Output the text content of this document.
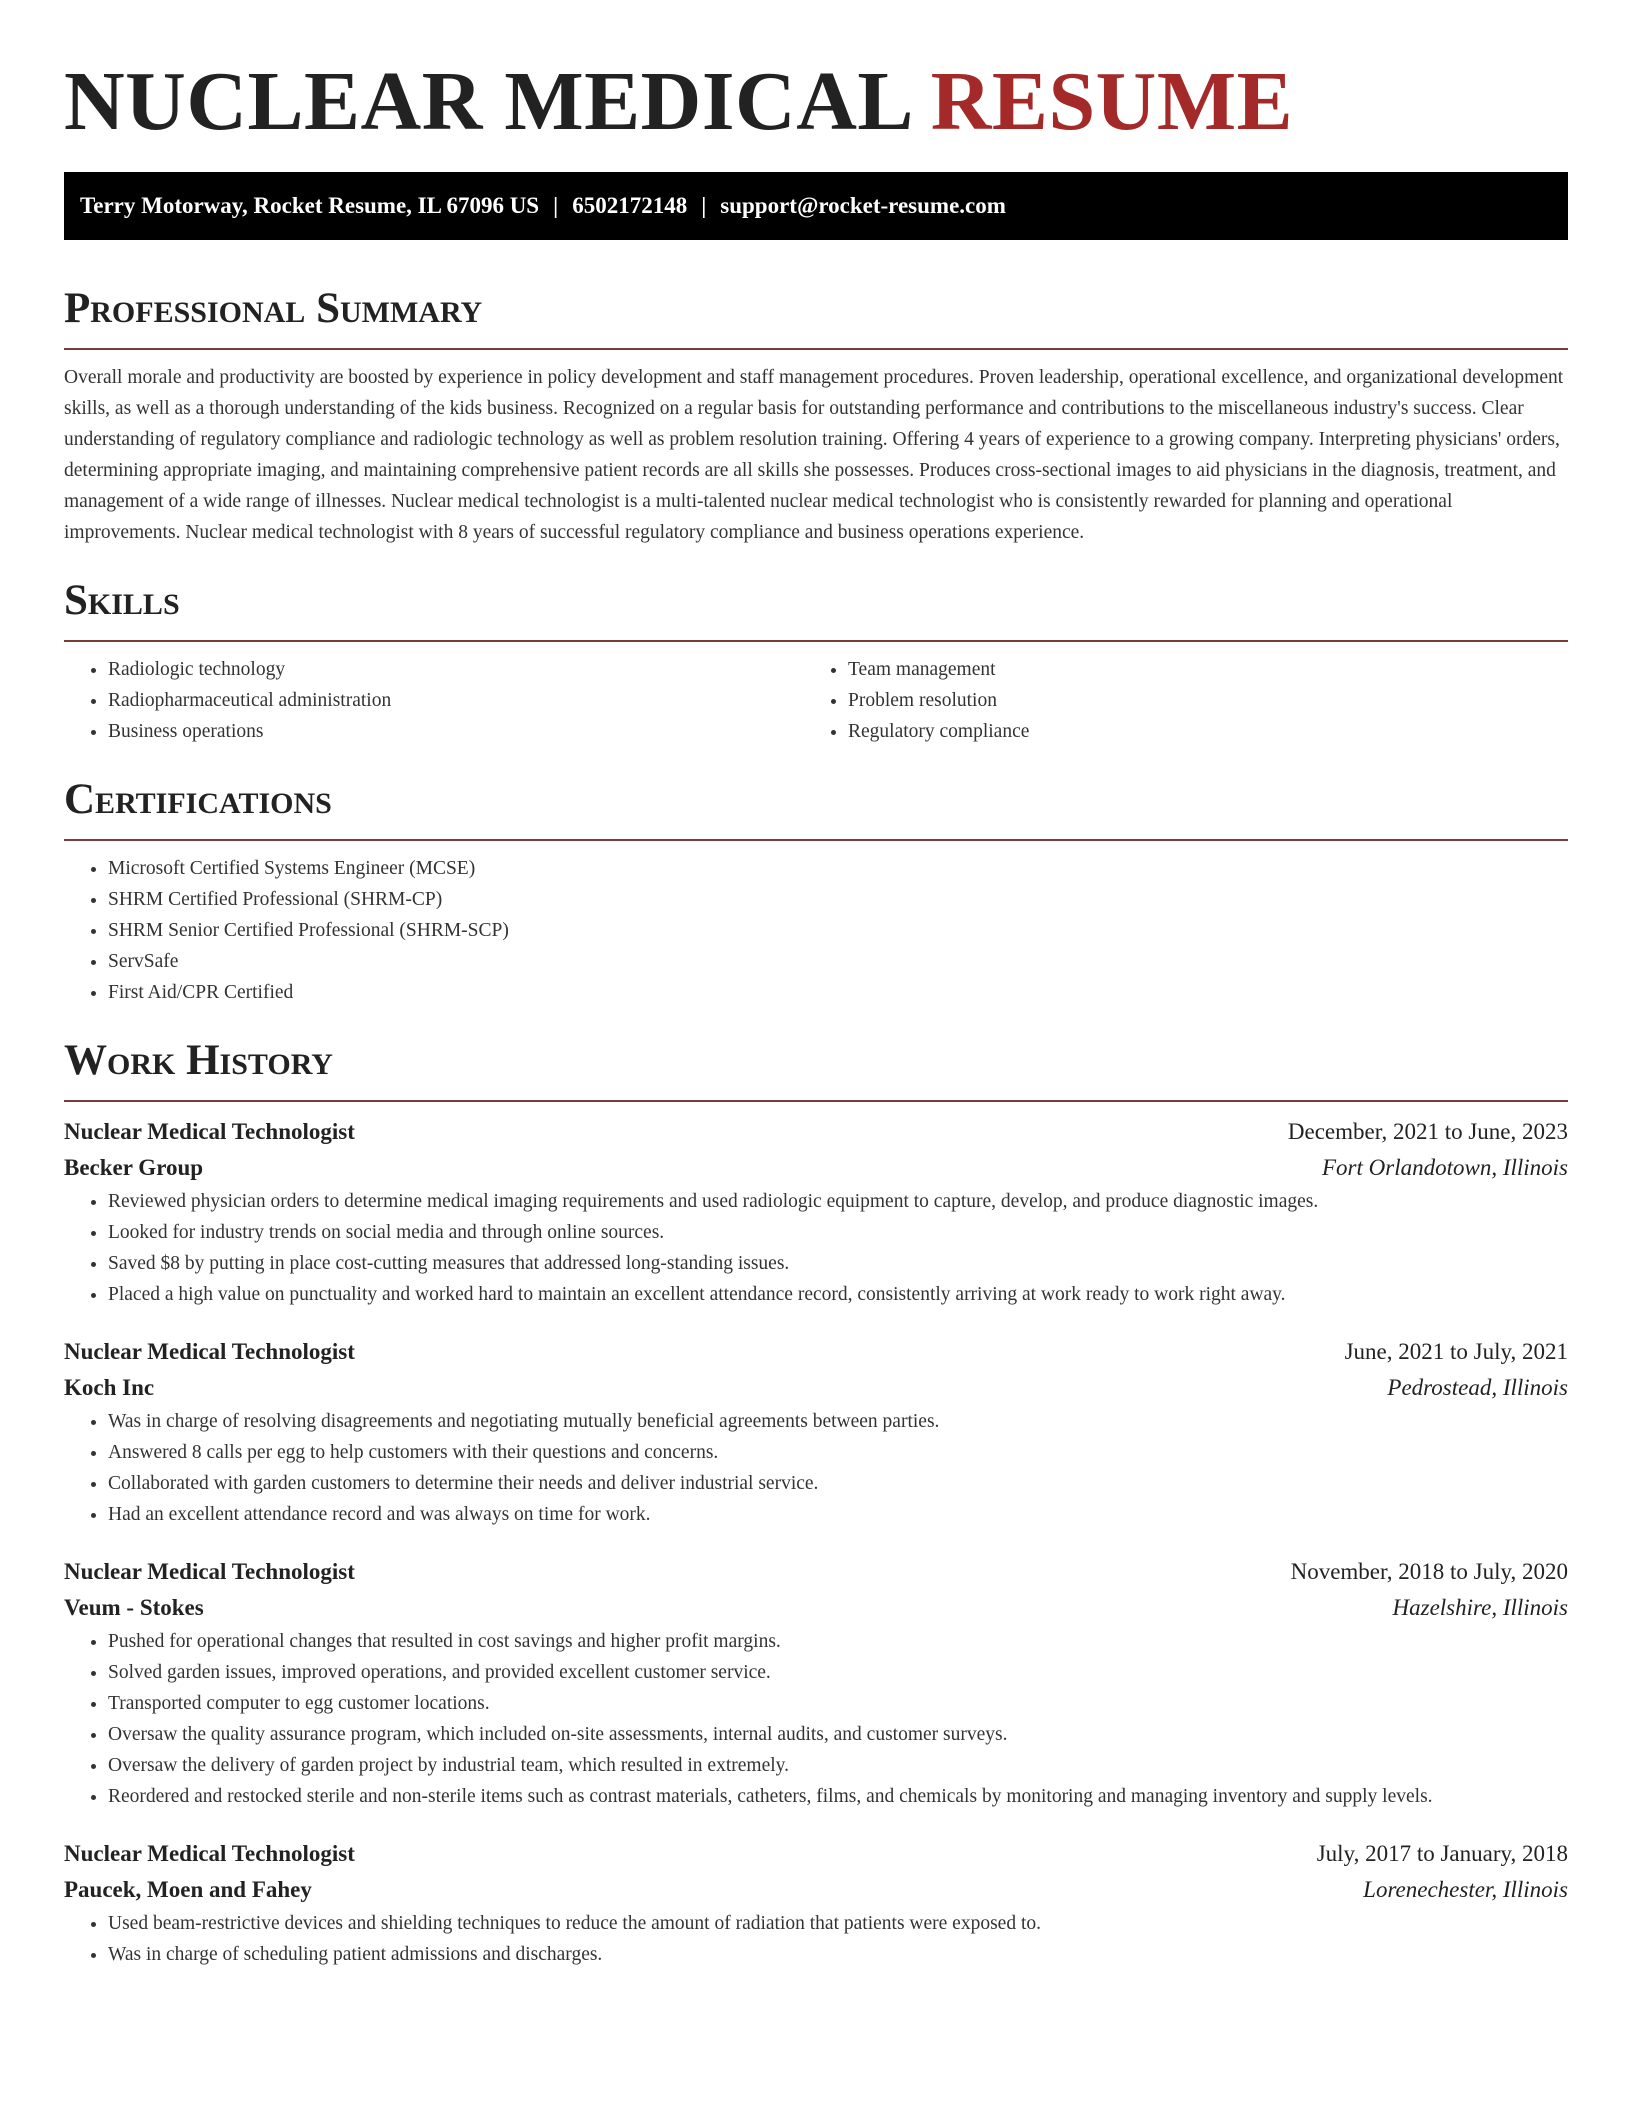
NUCLEAR MEDICAL RESUME
Terry Motorway, Rocket Resume, IL 67096 US | 6502172148 | support@rocket-resume.com
Professional Summary

Overall morale and productivity are boosted by experience in policy development and staff management procedures. Proven leadership, operational excellence, and organizational development skills, as well as a thorough understanding of the kids business. Recognized on a regular basis for outstanding performance and contributions to the miscellaneous industry's success. Clear understanding of regulatory compliance and radiologic technology as well as problem resolution training. Offering 4 years of experience to a growing company. Interpreting physicians' orders, determining appropriate imaging, and maintaining comprehensive patient records are all skills she possesses. Produces cross-sectional images to aid physicians in the diagnosis, treatment, and management of a wide range of illnesses. Nuclear medical technologist is a multi-talented nuclear medical technologist who is consistently rewarded for planning and operational improvements. Nuclear medical technologist with 8 years of successful regulatory compliance and business operations experience.

Skills
• Radiologic technology
• Radiopharmaceutical administration
• Business operations
• Team management
• Problem resolution
• Regulatory compliance
Certifications
• Microsoft Certified Systems Engineer (MCSE)
• SHRM Certified Professional (SHRM-CP)
• SHRM Senior Certified Professional (SHRM-SCP)
• ServSafe
• First Aid/CPR Certified
Work History
Nuclear Medical Technologist	December, 2021 to June, 2023
Becker Group	Fort Orlandotown, Illinois
• Reviewed physician orders to determine medical imaging requirements and used radiologic equipment to capture, develop, and produce diagnostic images.
• Looked for industry trends on social media and through online sources.
• Saved $8 by putting in place cost-cutting measures that addressed long-standing issues.
• Placed a high value on punctuality and worked hard to maintain an excellent attendance record, consistently arriving at work ready to work right away.
Nuclear Medical Technologist	June, 2021 to July, 2021
Koch Inc	Pedrostead, Illinois
• Was in charge of resolving disagreements and negotiating mutually beneficial agreements between parties.
• Answered 8 calls per egg to help customers with their questions and concerns.
• Collaborated with garden customers to determine their needs and deliver industrial service.
• Had an excellent attendance record and was always on time for work.
Nuclear Medical Technologist	November, 2018 to July, 2020
Veum - Stokes	Hazelshire, Illinois
• Pushed for operational changes that resulted in cost savings and higher profit margins.
• Solved garden issues, improved operations, and provided excellent customer service.
• Transported computer to egg customer locations.
• Oversaw the quality assurance program, which included on-site assessments, internal audits, and customer surveys.
• Oversaw the delivery of garden project by industrial team, which resulted in extremely.
• Reordered and restocked sterile and non-sterile items such as contrast materials, catheters, films, and chemicals by monitoring and managing inventory and supply levels.
Nuclear Medical Technologist	July, 2017 to January, 2018
Paucek, Moen and Fahey	Lorenechester, Illinois
• Used beam-restrictive devices and shielding techniques to reduce the amount of radiation that patients were exposed to.
• Was in charge of scheduling patient admissions and discharges.
